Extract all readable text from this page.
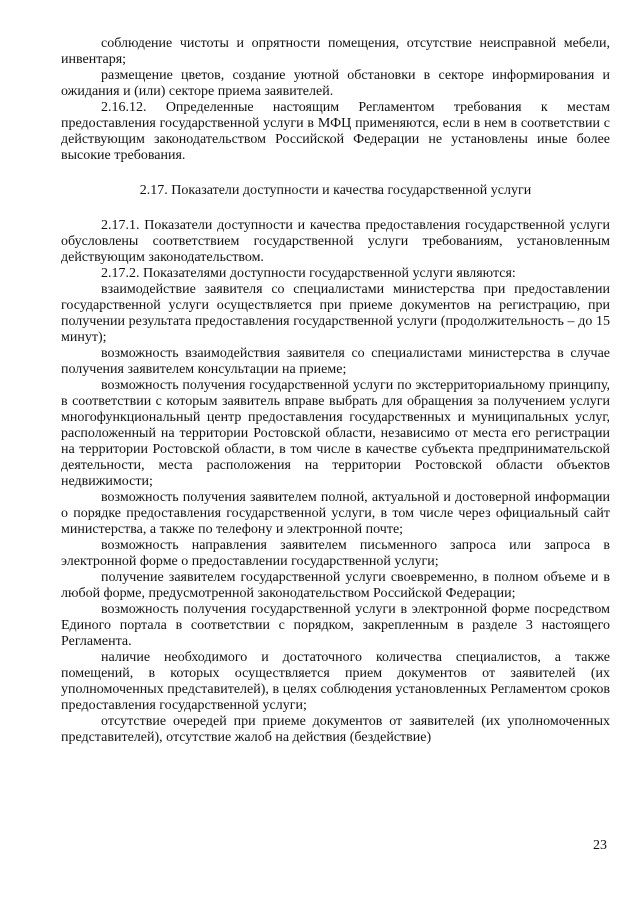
соблюдение чистоты и опрятности помещения, отсутствие неисправной мебели, инвентаря;

размещение цветов, создание уютной обстановки в секторе информирования и ожидания и (или) секторе приема заявителей.

2.16.12. Определенные настоящим Регламентом требования к местам предоставления государственной услуги в МФЦ применяются, если в нем в соответствии с действующим законодательством Российской Федерации не установлены иные более высокие требования.

2.17. Показатели доступности и качества государственной услуги

2.17.1. Показатели доступности и качества предоставления государственной услуги обусловлены соответствием государственной услуги требованиям, установленным действующим законодательством.

2.17.2. Показателями доступности государственной услуги являются:

взаимодействие заявителя со специалистами министерства при предоставлении государственной услуги осуществляется при приеме документов на регистрацию, при получении результата предоставления государственной услуги (продолжительность – до 15 минут);

возможность взаимодействия заявителя со специалистами министерства в случае получения заявителем консультации на приеме;

возможность получения государственной услуги по экстерриториальному принципу, в соответствии с которым заявитель вправе выбрать для обращения за получением услуги многофункциональный центр предоставления государственных и муниципальных услуг, расположенный на территории Ростовской области, независимо от места его регистрации на территории Ростовской области, в том числе в качестве субъекта предпринимательской деятельности, места расположения на территории Ростовской области объектов недвижимости;

возможность получения заявителем полной, актуальной и достоверной информации о порядке предоставления государственной услуги, в том числе через официальный сайт министерства, а также по телефону и электронной почте;

возможность направления заявителем письменного запроса или запроса в электронной форме о предоставлении государственной услуги;

получение заявителем государственной услуги своевременно, в полном объеме и в любой форме, предусмотренной законодательством Российской Федерации;

возможность получения государственной услуги в электронной форме посредством Единого портала в соответствии с порядком, закрепленным в разделе 3 настоящего Регламента.

наличие необходимого и достаточного количества специалистов, а также помещений, в которых осуществляется прием документов от заявителей (их уполномоченных представителей), в целях соблюдения установленных Регламентом сроков предоставления государственной услуги;

отсутствие очередей при приеме документов от заявителей (их уполномоченных представителей), отсутствие жалоб на действия (бездействие)

23
